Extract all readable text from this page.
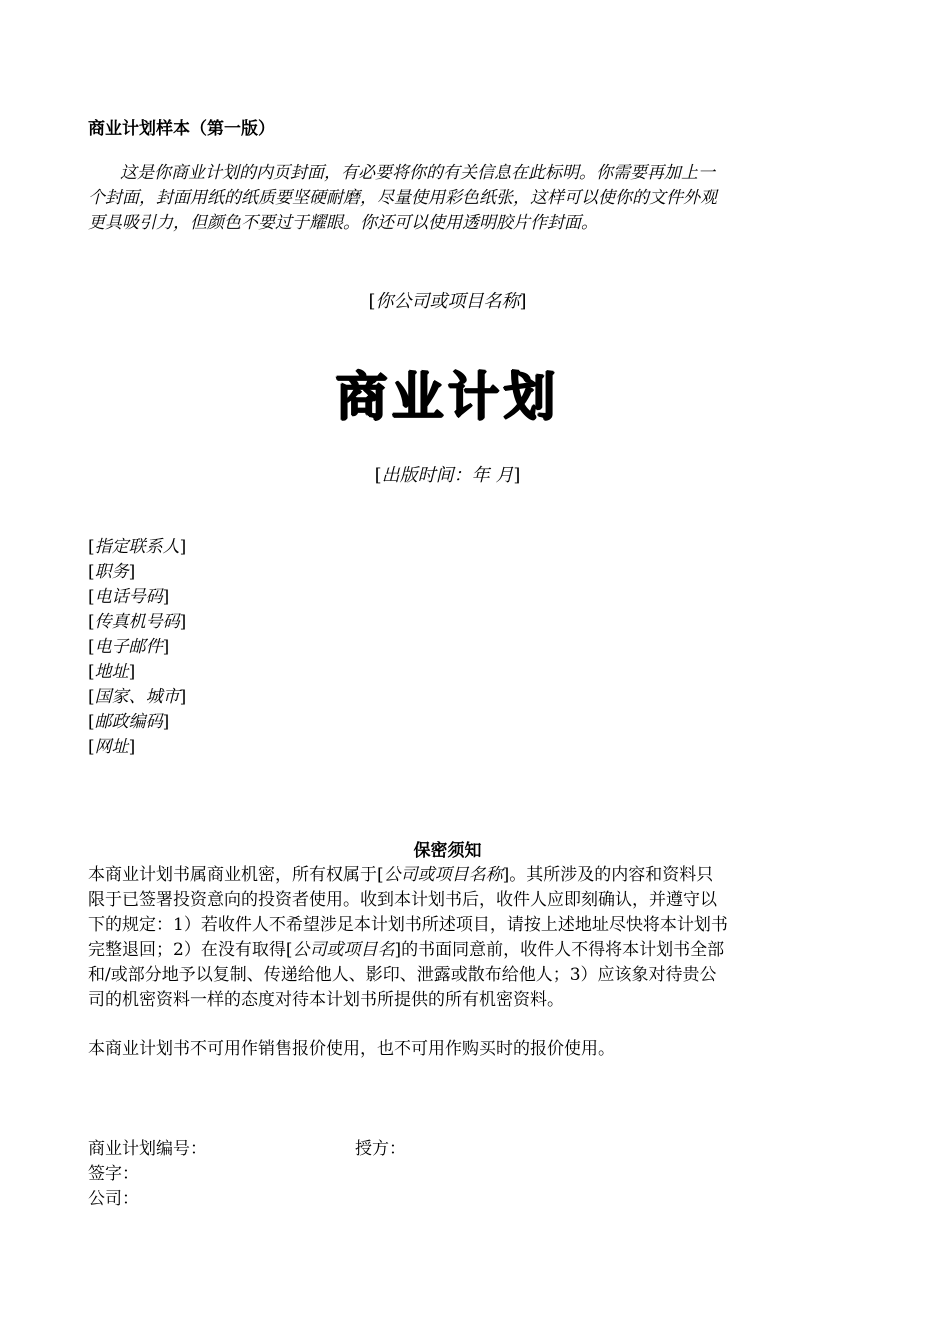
商业计划样本（第一版）
这是你商业计划的内页封面，有必要将你的有关信息在此标明。你需要再加上一
个封面，封面用纸的纸质要坚硬耐磨，尽量使用彩色纸张，这样可以使你的文件外观
更具吸引力，但颜色不要过于耀眼。你还可以使用透明胶片作封面。
[你公司或项目名称]
商业计划
[出版时间：年 月]
[指定联系人]
[职务]
[电话号码]
[传真机号码]
[电子邮件]
[地址]
[国家、城市]
[邮政编码]
[网址]
保密须知
本商业计划书属商业机密，所有权属于[公司或项目名称]。其所涉及的内容和资料只
限于已签署投资意向的投资者使用。收到本计划书后，收件人应即刻确认，并遵守以
下的规定：1）若收件人不希望涉足本计划书所述项目，请按上述地址尽快将本计划书
完整退回；2）在没有取得[公司或项目名]的书面同意前，收件人不得将本计划书全部
和/或部分地予以复制、传递给他人、影印、泄露或散布给他人；3）应该象对待贵公
司的机密资料一样的态度对待本计划书所提供的所有机密资料。
本商业计划书不可用作销售报价使用，也不可用作购买时的报价使用。
商业计划编号：	授方：
签字：
公司：
